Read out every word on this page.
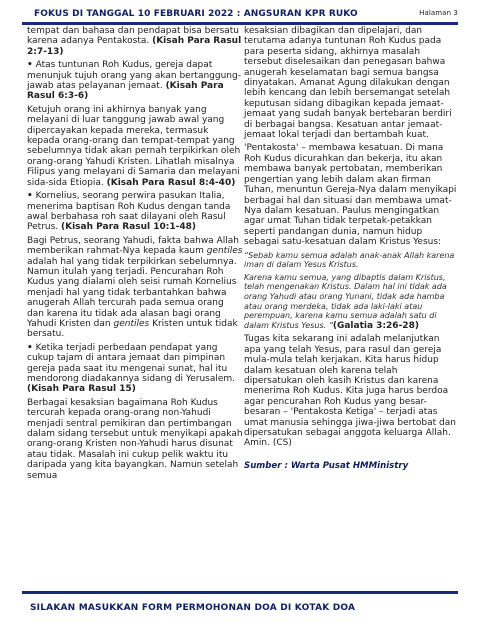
FOKUS DI TANGGAL 10 FEBRUARI 2022 : ANGSURAN KPR RUKO	Halaman 3

tempat dan bahasa dan pendapat bisa bersatu karena adanya Pentakosta. (Kisah Para Rasul 2:7-13)

• Atas tuntunan Roh Kudus, gereja dapat menunjuk tujuh orang yang akan bertanggung-jawab atas pelayanan jemaat. (Kisah Para Rasul 6:3-6)

Ketujuh orang ini akhirnya banyak yang melayani di luar tanggung jawab awal yang dipercayakan kepada mereka, termasuk kepada orang-orang dan tempat-tempat yang sebelumnya tidak akan pernah terpikirkan oleh orang-orang Yahudi Kristen. Lihatlah misalnya Filipus yang melayani di Samaria dan melayani sida-sida Etiopia. (Kisah Para Rasul 8:4-40)

• Kornelius, seorang perwira pasukan Italia, menerima baptisan Roh Kudus dengan tanda awal berbahasa roh saat dilayani oleh Rasul Petrus. (Kisah Para Rasul 10:1-48)

Bagi Petrus, seorang Yahudi, fakta bahwa Allah memberikan rahmat-Nya kepada kaum gentiles adalah hal yang tidak terpikirkan sebelumnya. Namun itulah yang terjadi. Pencurahan Roh Kudus yang dialami oleh seisi rumah Kornelius menjadi hal yang tidak terbantahkan bahwa anugerah Allah tercurah pada semua orang dan karena itu tidak ada alasan bagi orang Yahudi Kristen dan gentiles Kristen untuk tidak bersatu.

• Ketika terjadi perbedaan pendapat yang cukup tajam di antara jemaat dan pimpinan gereja pada saat itu mengenai sunat, hal itu mendorong diadakannya sidang di Yerusalem. (Kisah Para Rasul 15)

Berbagai kesaksian bagaimana Roh Kudus tercurah kepada orang-orang non-Yahudi menjadi sentral pemikiran dan pertimbangan dalam sidang tersebut untuk menyikapi apakah orang-orang Kristen non-Yahudi harus disunat atau tidak. Masalah ini cukup pelik waktu itu daripada yang kita bayangkan. Namun setelah semua

kesaksian dibagikan dan dipelajari, dan terutama adanya tuntunan Roh Kudus pada para peserta sidang, akhirnya masalah tersebut diselesaikan dan penegasan bahwa anugerah keselamatan bagi semua bangsa dinyatakan. Amanat Agung dilakukan dengan lebih kencang dan lebih bersemangat setelah keputusan sidang dibagikan kepada jemaat-jemaat yang sudah banyak bertebaran berdiri di berbagai bangsa. Kesatuan antar jemaat-jemaat lokal terjadi dan bertambah kuat.

'Pentakosta' – membawa kesatuan. Di mana Roh Kudus dicurahkan dan bekerja, itu akan membawa banyak pertobatan, memberikan pengertian yang lebih dalam akan firman Tuhan, menuntun Gereja-Nya dalam menyikapi berbagai hal dan situasi dan membawa umat-Nya dalam kesatuan. Paulus mengingatkan agar umat Tuhan tidak terpetak-petakkan seperti pandangan dunia, namun hidup sebagai satu-kesatuan dalam Kristus Yesus:

“Sebab kamu semua adalah anak-anak Allah karena iman di dalam Yesus Kristus.

Karena kamu semua, yang dibaptis dalam Kristus, telah mengenakan Kristus. Dalam hal ini tidak ada orang Yahudi atau orang Yunani, tidak ada hamba atau orang merdeka, tidak ada laki-laki atau perempuan, karena kamu semua adalah satu di dalam Kristus Yesus. ”(Galatia 3:26-28)

Tugas kita sekarang ini adalah melanjutkan apa yang telah Yesus, para rasul dan gereja mula-mula telah kerjakan. Kita harus hidup dalam kesatuan oleh karena telah dipersatukan oleh kasih Kristus dan karena menerima Roh Kudus. Kita juga harus berdoa agar pencurahan Roh Kudus yang besar-besaran – 'Pentakosta Ketiga' – terjadi atas umat manusia sehingga jiwa-jiwa bertobat dan dipersatukan sebagai anggota keluarga Allah. Amin. (CS)

Sumber : Warta Pusat HMMinistry
SILAKAN MASUKKAN FORM PERMOHONAN DOA DI KOTAK DOA
